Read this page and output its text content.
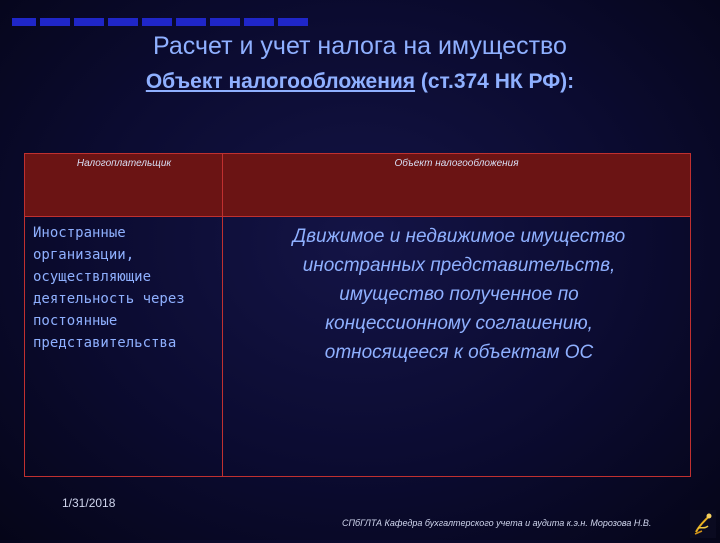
Расчет и учет налога на имущество
Объект налогообложения (ст.374 НК РФ):
Налогоплательщик	Объект налогообложения
Иностранные
организации,
осуществляющие
деятельность через
постоянные
представительства
Движимое и недвижимое имущество
иностранных представительств,
имущество полученное по
концессионному соглашению,
относящееся к объектам ОС
1/31/2018
СПбГЛТА Кафедра бухгалтерского учета и аудита к.э.н. Морозова Н.В.
